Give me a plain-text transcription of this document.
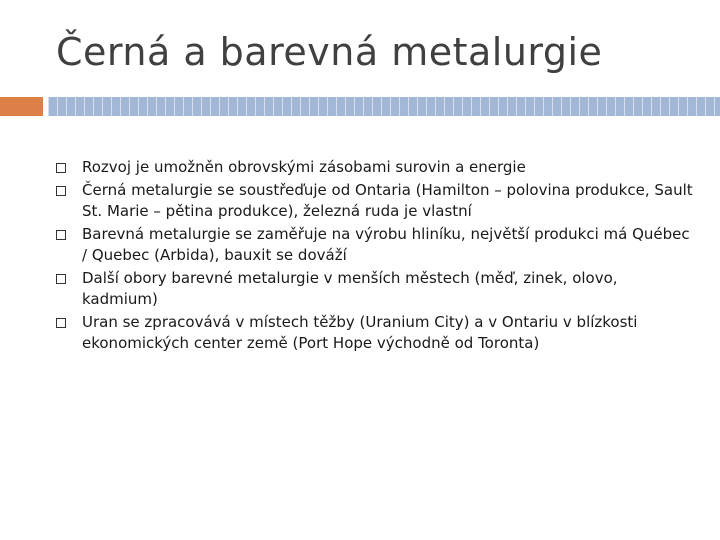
Černá a barevná metalurgie
Rozvoj je umožněn obrovskými zásobami surovin a energie
Černá metalurgie se soustřeďuje od Ontaria (Hamilton – polovina produkce, Sault St. Marie – pětina produkce), železná ruda je vlastní
Barevná metalurgie se zaměřuje na výrobu hliníku, největší produkci má Québec / Quebec (Arbida), bauxit se dováží
Další obory barevné metalurgie v menších městech (měď, zinek, olovo, kadmium)
Uran se zpracovává v místech těžby (Uranium City) a v Ontariu v blízkosti ekonomických center země (Port Hope východně od Toronta)
